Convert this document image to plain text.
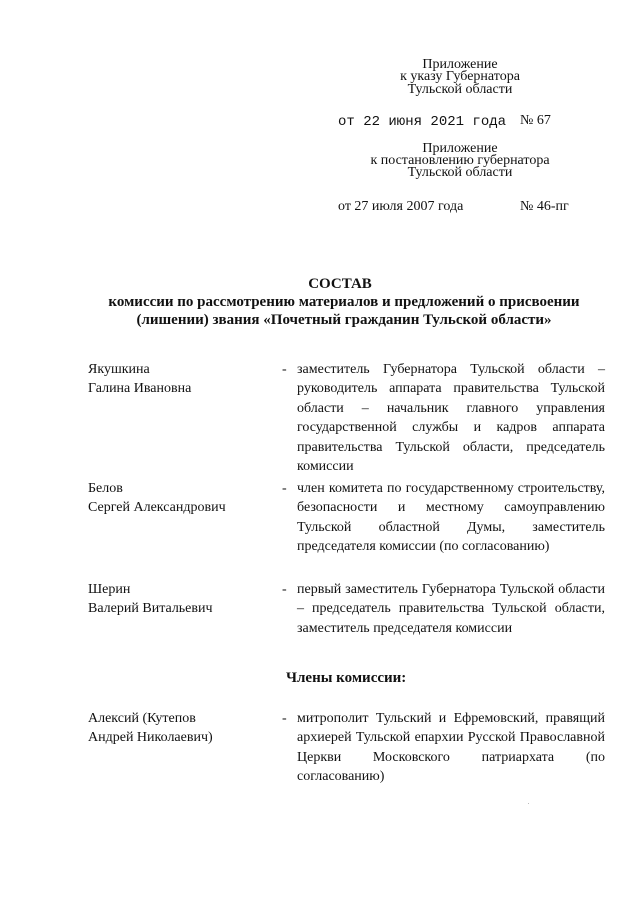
Приложение
к указу Губернатора
Тульской области
от 22 июня 2021 года № 67
Приложение
к постановлению губернатора
Тульской области
от 27 июля 2007 года	№ 46-пг
СОСТАВ
комиссии по рассмотрению материалов и предложений о присвоении
(лишении) звания «Почетный гражданин Тульской области»
Якушкина
Галина Ивановна
- заместитель Губернатора Тульской области – руководитель аппарата правительства Тульской области – начальник главного управления государственной службы и кадров аппарата правительства Тульской области, председатель комиссии
Белов
Сергей Александрович
- член комитета по государственному строительству, безопасности и местному самоуправлению Тульской областной Думы, заместитель председателя комиссии (по согласованию)
Шерин
Валерий Витальевич
- первый заместитель Губернатора Тульской области – председатель правительства Тульской области, заместитель председателя комиссии
Члены комиссии:
Алексий (Кутепов
Андрей Николаевич)
- митрополит Тульский и Ефремовский, правящий архиерей Тульской епархии Русской Православной Церкви Московского патриархата (по согласованию)
